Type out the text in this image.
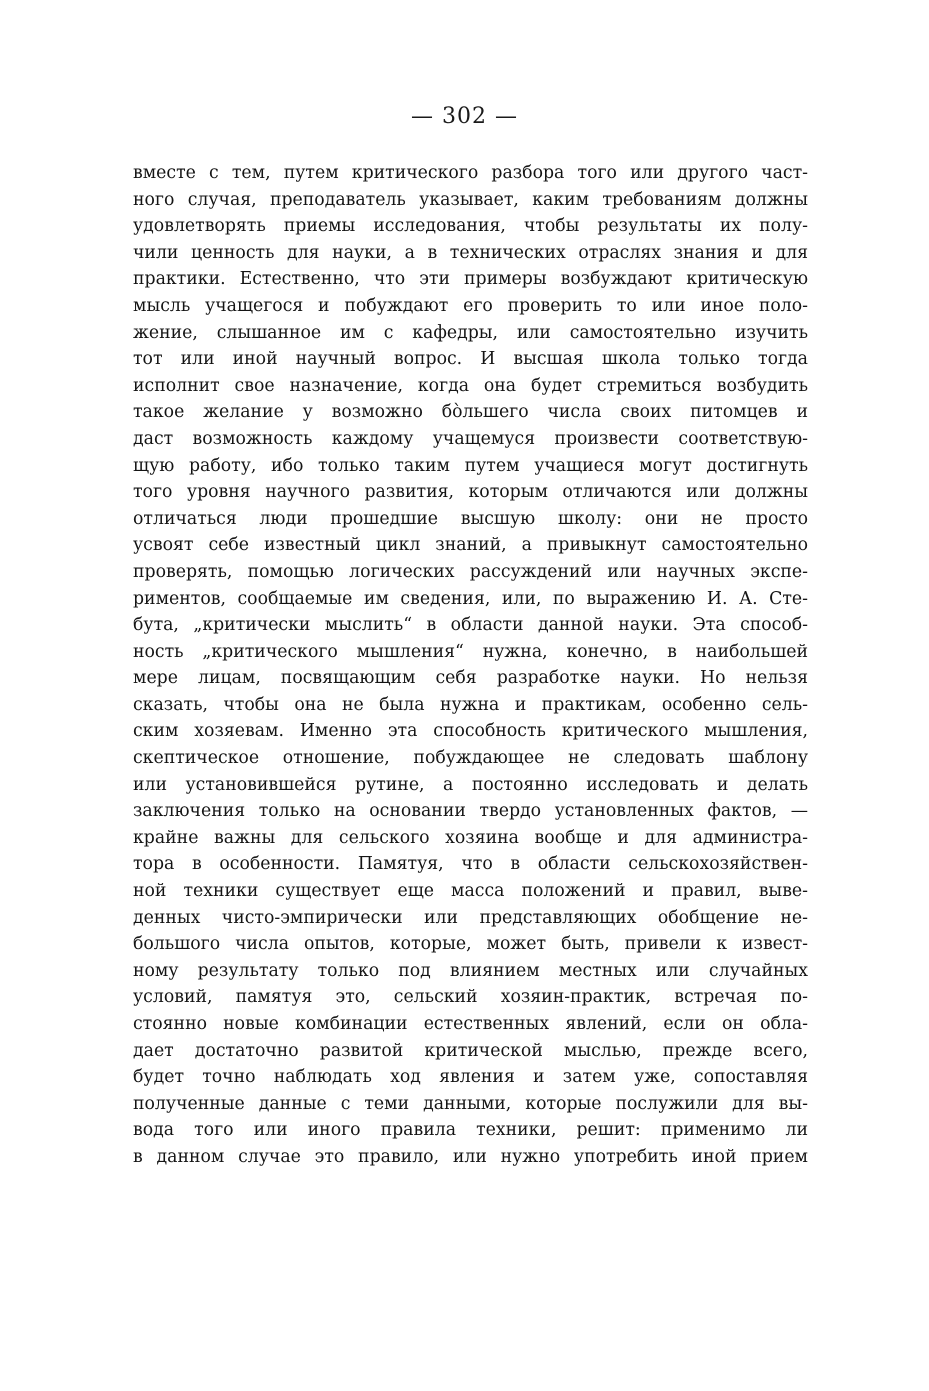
— 302 —
вместе с тем, путем критического разбора того или другого част-
ного случая, преподаватель указывает, каким требованиям должны
удовлетворять приемы исследования, чтобы результаты их полу-
чили ценность для науки, а в технических отраслях знания и для
практики. Естественно, что эти примеры возбуждают критическую
мысль учащегося и побуждают его проверить то или иное поло-
жение, слышанное им с кафедры, или самостоятельно изучить
тот или иной научный вопрос. И высшая школа только тогда
исполнит свое назначение, когда она будет стремиться возбудить
такое желание у возможно бо̀льшего числа своих питомцев и
даст возможность каждому учащемуся произвести соответствую-
щую работу, ибо только таким путем учащиеся могут достигнуть
того уровня научного развития, которым отличаются или должны
отличаться люди прошедшие высшую школу: они не просто
усвоят себе известный цикл знаний, а привыкнут самостоятельно
проверять, помощью логических рассуждений или научных экспе-
риментов, сообщаемые им сведения, или, по выражению И. А. Сте-
бута, „критически мыслить“ в области данной науки. Эта способ-
ность „критического мышления“ нужна, конечно, в наибольшей
мере лицам, посвящающим себя разработке науки. Но нельзя
сказать, чтобы она не была нужна и практикам, особенно сель-
ским хозяевам. Именно эта способность критического мышления,
скептическое отношение, побуждающее не следовать шаблону
или установившейся рутине, а постоянно исследовать и делать
заключения только на основании твердо установленных фактов, —
крайне важны для сельского хозяина вообще и для администра-
тора в особенности. Памятуя, что в области сельскохозяйствен-
ной техники существует еще масса положений и правил, выве-
денных чисто-эмпирически или представляющих обобщение не-
большого числа опытов, которые, может быть, привели к извест-
ному результату только под влиянием местных или случайных
условий, памятуя это, сельский хозяин-практик, встречая по-
стоянно новые комбинации естественных явлений, если он обла-
дает достаточно развитой критической мыслью, прежде всего,
будет точно наблюдать ход явления и затем уже, сопоставляя
полученные данные с теми данными, которые послужили для вы-
вода того или иного правила техники, решит: применимо ли
в данном случае это правило, или нужно употребить иной прием
